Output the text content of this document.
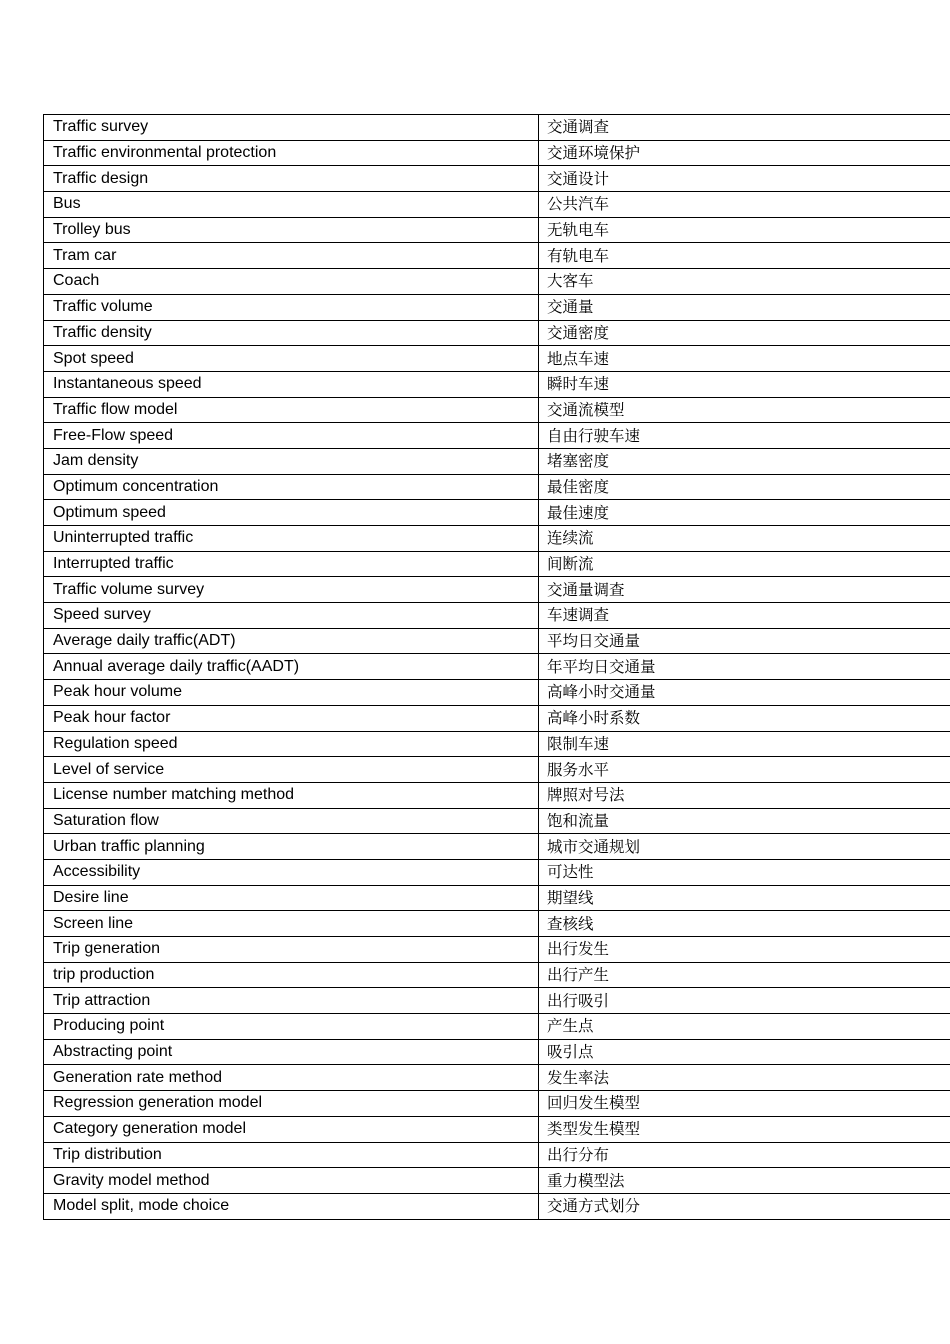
Traffic survey	交通调查
Traffic environmental protection	交通环境保护
Traffic design	交通设计
Bus	公共汽车
Trolley bus	无轨电车
Tram car	有轨电车
Coach	大客车
Traffic volume	交通量
Traffic density	交通密度
Spot speed	地点车速
Instantaneous speed	瞬时车速
Traffic flow model	交通流模型
Free-Flow speed	自由行驶车速
Jam density	堵塞密度
Optimum concentration	最佳密度
Optimum speed	最佳速度
Uninterrupted traffic	连续流
Interrupted traffic	间断流
Traffic volume survey	交通量调查
Speed survey	车速调查
Average daily traffic(ADT)	平均日交通量
Annual average daily traffic(AADT)	年平均日交通量
Peak hour volume	高峰小时交通量
Peak hour factor	高峰小时系数
Regulation speed	限制车速
Level of service	服务水平
License number matching method	牌照对号法
Saturation flow	饱和流量
Urban traffic planning	城市交通规划
Accessibility	可达性
Desire line	期望线
Screen line	查核线
Trip generation	出行发生
trip production	出行产生
Trip attraction	出行吸引
Producing point	产生点
Abstracting point	吸引点
Generation rate method	发生率法
Regression generation model	回归发生模型
Category generation model	类型发生模型
Trip distribution	出行分布
Gravity model method	重力模型法
Model split, mode choice	交通方式划分
